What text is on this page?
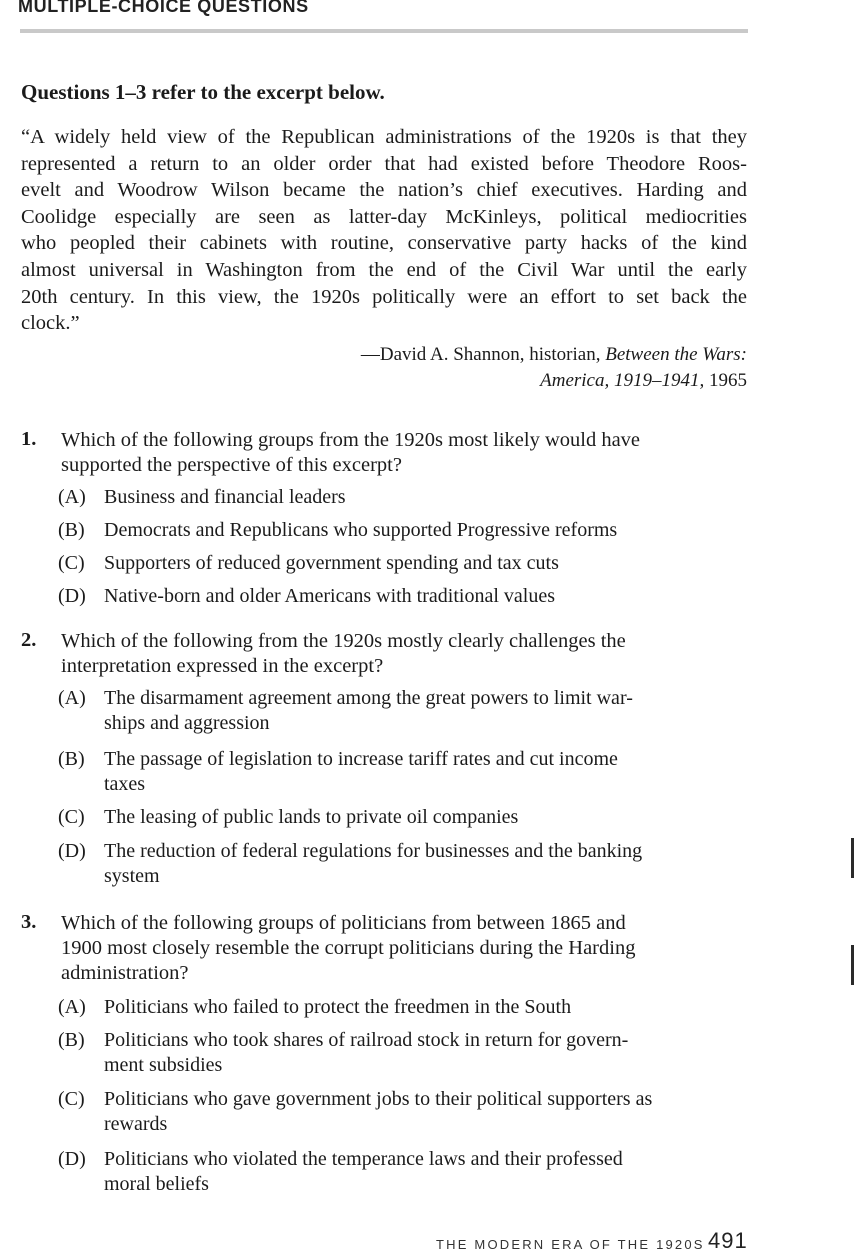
MULTIPLE-CHOICE QUESTIONS
Questions 1–3 refer to the excerpt below.
“A widely held view of the Republican administrations of the 1920s is that they
represented a return to an older order that had existed before Theodore Roos-
evelt and Woodrow Wilson became the nation’s chief executives. Harding and
Coolidge especially are seen as latter-day McKinleys, political mediocrities
who peopled their cabinets with routine, conservative party hacks of the kind
almost universal in Washington from the end of the Civil War until the early
20th century. In this view, the 1920s politically were an effort to set back the
clock.”
—David A. Shannon, historian, Between the Wars:
America, 1919–1941, 1965
1. Which of the following groups from the 1920s most likely would have
supported the perspective of this excerpt?
(A) Business and financial leaders
(B) Democrats and Republicans who supported Progressive reforms
(C) Supporters of reduced government spending and tax cuts
(D) Native-born and older Americans with traditional values
2. Which of the following from the 1920s mostly clearly challenges the
interpretation expressed in the excerpt?
(A) The disarmament agreement among the great powers to limit war-
ships and aggression
(B) The passage of legislation to increase tariff rates and cut income
taxes
(C) The leasing of public lands to private oil companies
(D) The reduction of federal regulations for businesses and the banking
system
3. Which of the following groups of politicians from between 1865 and
1900 most closely resemble the corrupt politicians during the Harding
administration?
(A) Politicians who failed to protect the freedmen in the South
(B) Politicians who took shares of railroad stock in return for govern-
ment subsidies
(C) Politicians who gave government jobs to their political supporters as
rewards
(D) Politicians who violated the temperance laws and their professed
moral beliefs
THE MODERN ERA OF THE 1920S 491
